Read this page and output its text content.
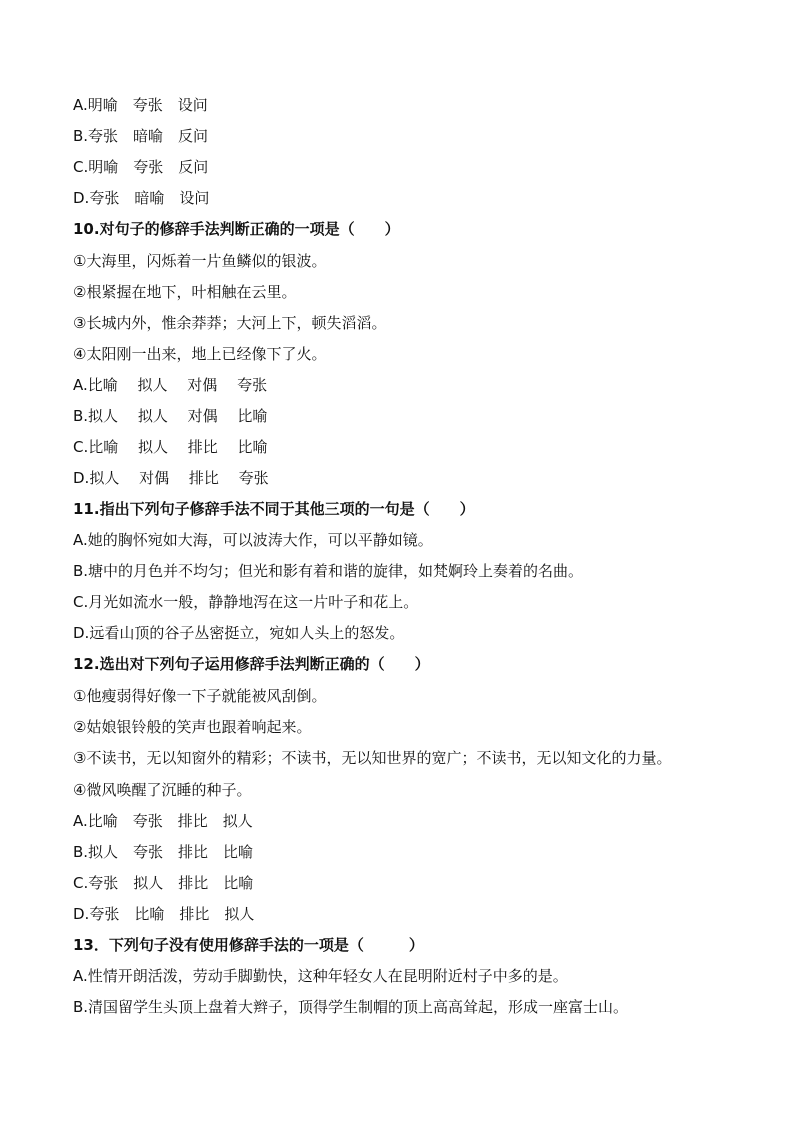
A.明喻　夸张　设问
B.夸张　暗喻　反问
C.明喻　夸张　反问
D.夸张　暗喻　设问
10.对句子的修辞手法判断正确的一项是（　　）
①大海里，闪烁着一片鱼鳞似的银波。
②根紧握在地下，叶相触在云里。
③长城内外，惟余莽莽；大河上下，顿失滔滔。
④太阳刚一出来，地上已经像下了火。
A.比喻　 拟人　 对偶　 夸张
B.拟人　 拟人　 对偶　 比喻
C.比喻　 拟人　 排比　 比喻
D.拟人　 对偶　 排比　 夸张
11.指出下列句子修辞手法不同于其他三项的一句是（　　）
A.她的胸怀宛如大海，可以波涛大作，可以平静如镜。
B.塘中的月色并不均匀；但光和影有着和谐的旋律，如梵婀玲上奏着的名曲。
C.月光如流水一般，静静地泻在这一片叶子和花上。
D.远看山顶的谷子丛密挺立，宛如人头上的怒发。
12.选出对下列句子运用修辞手法判断正确的（　　）
①他瘦弱得好像一下子就能被风刮倒。
②姑娘银铃般的笑声也跟着响起来。
③不读书，无以知窗外的精彩；不读书，无以知世界的宽广；不读书，无以知文化的力量。
④微风唤醒了沉睡的种子。
A.比喻　夸张　排比　拟人
B.拟人　夸张　排比　比喻
C.夸张　拟人　排比　比喻
D.夸张　比喻　排比　拟人
13．下列句子没有使用修辞手法的一项是（　　　）
A.性情开朗活泼，劳动手脚勤快，这种年轻女人在昆明附近村子中多的是。
B.清国留学生头顶上盘着大辫子，顶得学生制帽的顶上高高耸起，形成一座富士山。
